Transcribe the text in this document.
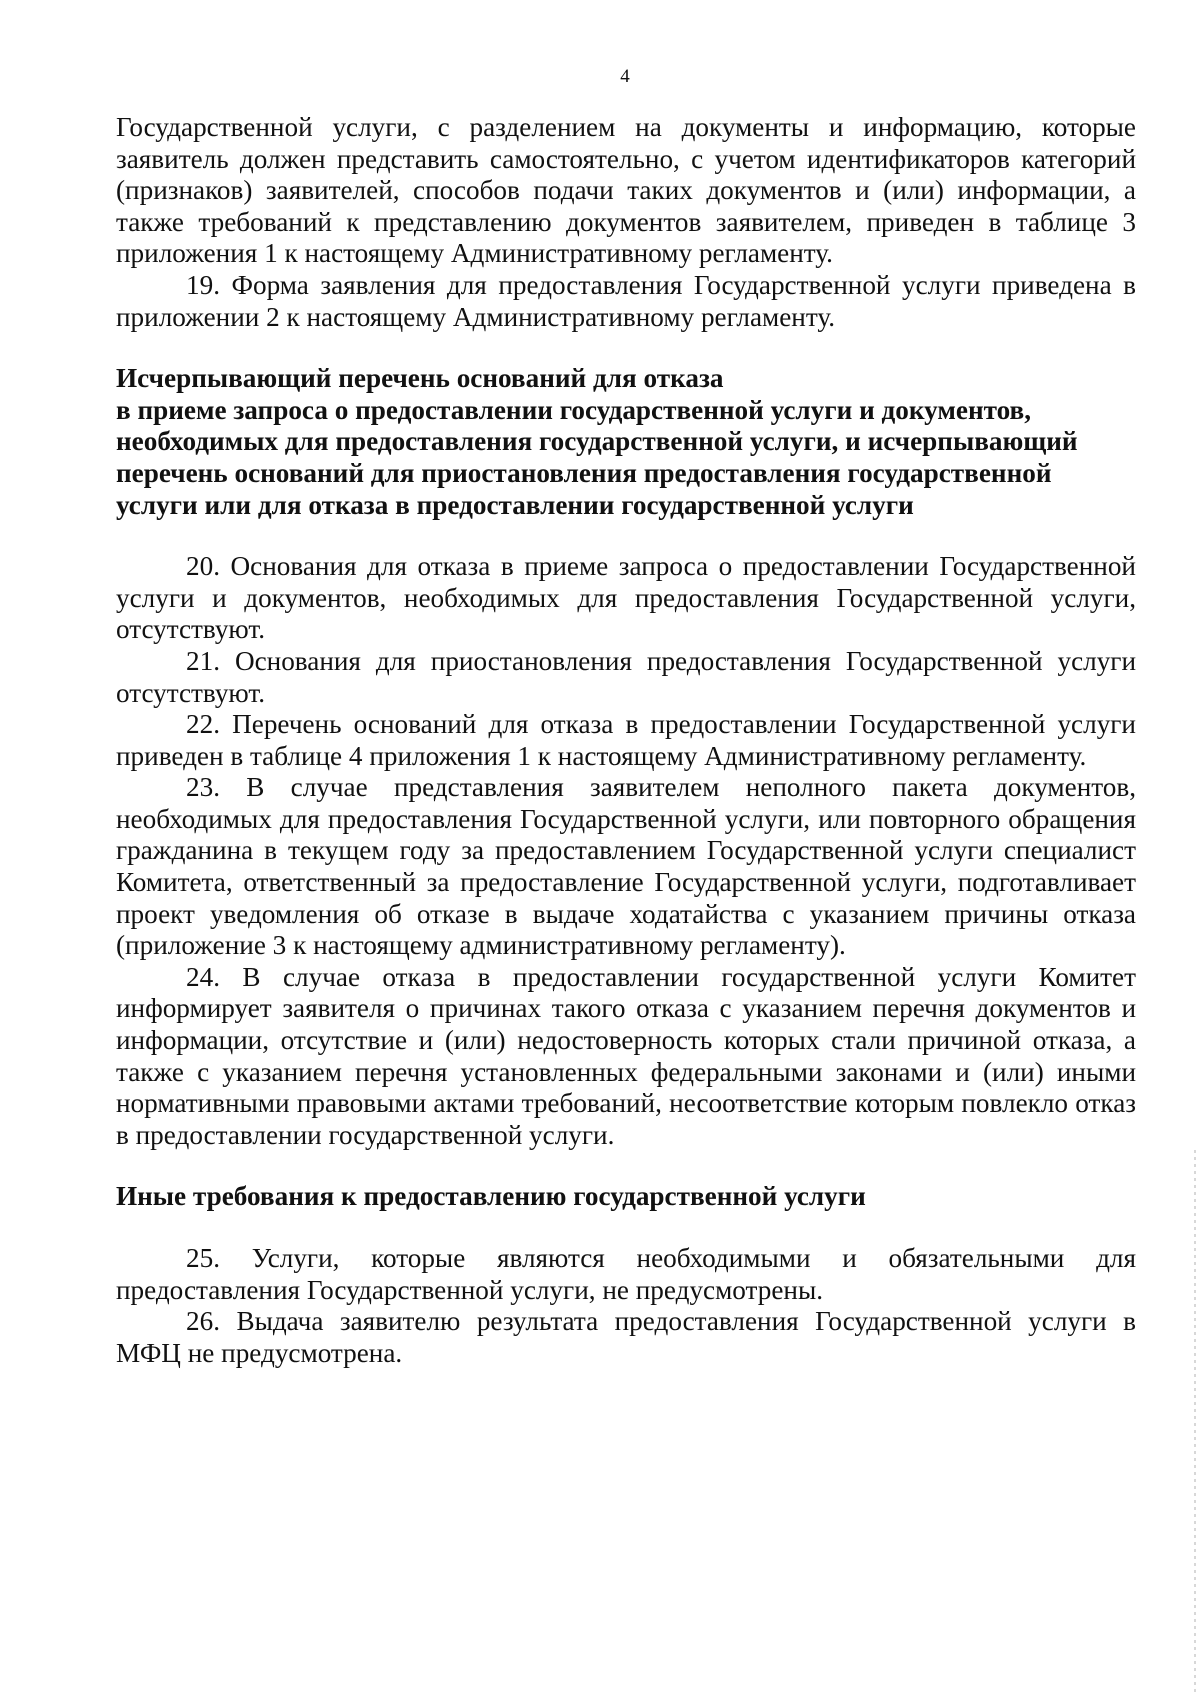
4

Государственной услуги, с разделением на документы и информацию, которые заявитель должен представить самостоятельно, с учетом идентификаторов категорий (признаков) заявителей, способов подачи таких документов и (или) информации, а также требований к представлению документов заявителем, приведен в таблице 3 приложения 1 к настоящему Административному регламенту.

19. Форма заявления для предоставления Государственной услуги приведена в приложении 2 к настоящему Административному регламенту.

Исчерпывающий перечень оснований для отказа

в приеме запроса о предоставлении государственной услуги и документов,

необходимых для предоставления государственной услуги, и исчерпывающий

перечень оснований для приостановления предоставления государственной

услуги или для отказа в предоставлении государственной услуги

20. Основания для отказа в приеме запроса о предоставлении Государственной услуги и документов, необходимых для предоставления Государственной услуги, отсутствуют.

21. Основания для приостановления предоставления Государственной услуги отсутствуют.

22. Перечень оснований для отказа в предоставлении Государственной услуги приведен в таблице 4 приложения 1 к настоящему Административному регламенту.

23. В случае представления заявителем неполного пакета документов, необходимых для предоставления Государственной услуги, или повторного обращения гражданина в текущем году за предоставлением Государственной услуги специалист Комитета, ответственный за предоставление Государственной услуги, подготавливает проект уведомления об отказе в выдаче ходатайства с указанием причины отказа (приложение 3 к настоящему административному регламенту).

24. В случае отказа в предоставлении государственной услуги Комитет информирует заявителя о причинах такого отказа с указанием перечня документов и информации, отсутствие и (или) недостоверность которых стали причиной отказа, а также с указанием перечня установленных федеральными законами и (или) иными нормативными правовыми актами требований, несоответствие которым повлекло отказ в предоставлении государственной услуги.

Иные требования к предоставлению государственной услуги

25. Услуги, которые являются необходимыми и обязательными для предоставления Государственной услуги, не предусмотрены.

26. Выдача заявителю результата предоставления Государственной услуги в МФЦ не предусмотрена.
